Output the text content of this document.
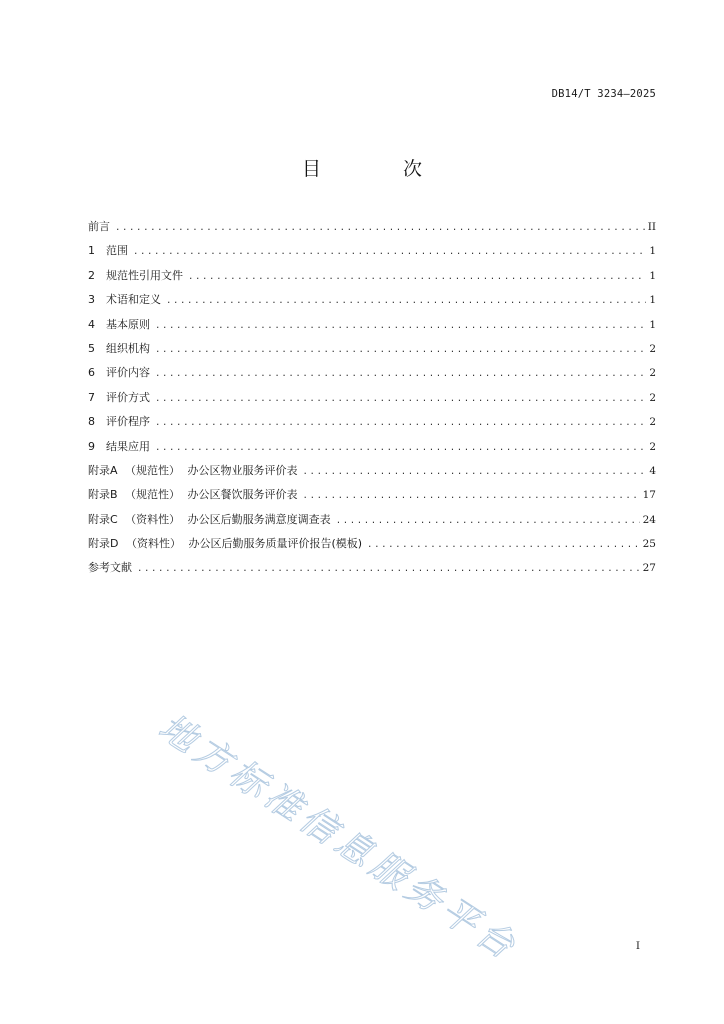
DB14/T 3234—2025
目 次
前言 .....	II
1	范围 .....	1
2	规范性引用文件 .....	1
3	术语和定义 .....	1
4	基本原则 .....	1
5	组织机构 .....	2
6	评价内容 .....	2
7	评价方式 .....	2
8	评价程序 .....	2
9	结果应用 .....	2
附录A （规范性） 办公区物业服务评价表 .....	4
附录B （规范性） 办公区餐饮服务评价表 .....	17
附录C （资料性） 办公区后勤服务满意度调查表 .....	24
附录D （资料性） 办公区后勤服务质量评价报告(模板) .....	25
参考文献 .....	27
地方标准信息服务平台	I
